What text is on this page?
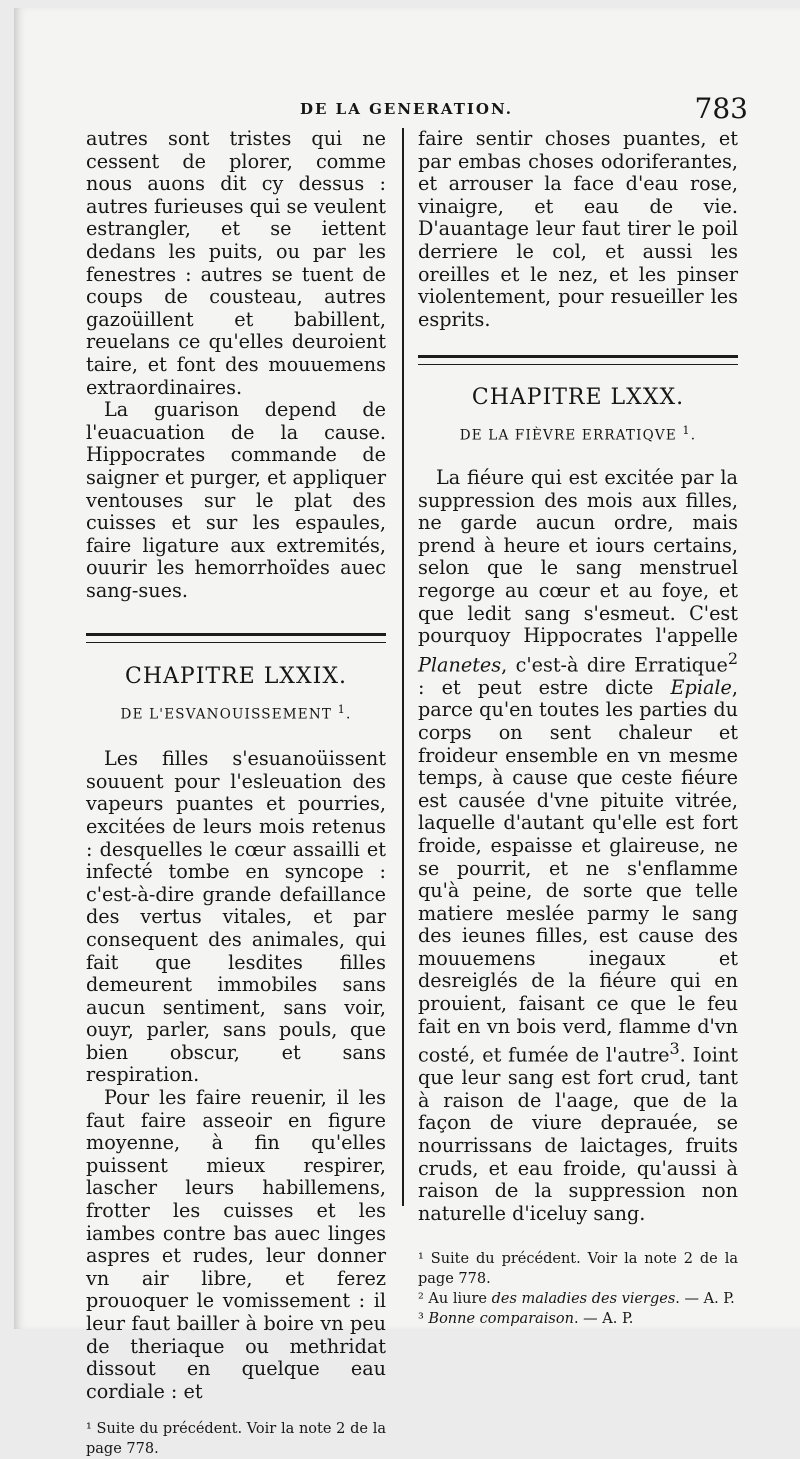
DE LA GENERATION.	783

autres sont tristes qui ne cessent de plorer, comme nous auons dit cy dessus : autres furieuses qui se veulent estrangler, et se iettent dedans les puits, ou par les fenestres : autres se tuent de coups de cousteau, autres gazoüillent et babillent, reuelans ce qu'elles deuroient taire, et font des mouuemens extraordinaires.

La guarison depend de l'euacuation de la cause. Hippocrates commande de saigner et purger, et appliquer ventouses sur le plat des cuisses et sur les espaules, faire ligature aux extremités, ouurir les hemorrhoïdes auec sang-sues.

CHAPITRE LXXIX.

DE L'ESVANOUISSEMENT $^1$.

Les filles s'esuanoüissent souuent pour l'esleuation des vapeurs puantes et pourries, excitées de leurs mois retenus : desquelles le cœur assailli et infecté tombe en syncope : c'est-à-dire grande defaillance des vertus vitales, et par consequent des animales, qui fait que lesdites filles demeurent immobiles sans aucun sentiment, sans voir, ouyr, parler, sans pouls, que bien obscur, et sans respiration.

Pour les faire reuenir, il les faut faire asseoir en figure moyenne, à fin qu'elles puissent mieux respirer, lascher leurs habillemens, frotter les cuisses et les iambes contre bas auec linges aspres et rudes, leur donner vn air libre, et ferez prouoquer le vomissement : il leur faut bailler à boire vn peu de theriaque ou methridat dissout en quelque eau cordiale : et

¹ Suite du précédent. Voir la note 2 de la page 778.

faire sentir choses puantes, et par embas choses odoriferantes, et arrouser la face d'eau rose, vinaigre, et eau de vie. D'auantage leur faut tirer le poil derriere le col, et aussi les oreilles et le nez, et les pinser violentement, pour resueiller les esprits.

CHAPITRE LXXX.

DE LA FIÈVRE ERRATIQVE $^1$.

La fiéure qui est excitée par la suppression des mois aux filles, ne garde aucun ordre, mais prend à heure et iours certains, selon que le sang menstruel regorge au cœur et au foye, et que ledit sang s'esmeut. C'est pourquoy Hippocrates l'appelle Planetes, c'est-à dire Erratique$^2$ : et peut estre dicte Epiale, parce qu'en toutes les parties du corps on sent chaleur et froideur ensemble en vn mesme temps, à cause que ceste fiéure est causée d'vne pituite vitrée, laquelle d'autant qu'elle est fort froide, espaisse et glaireuse, ne se pourrit, et ne s'enflamme qu'à peine, de sorte que telle matiere meslée parmy le sang des ieunes filles, est cause des mouuemens inegaux et desreiglés de la fiéure qui en prouient, faisant ce que le feu fait en vn bois verd, flamme d'vn costé, et fumée de l'autre$^3$. Ioint que leur sang est fort crud, tant à raison de l'aage, que de la façon de viure deprauée, se nourrissans de laictages, fruits cruds, et eau froide, qu'aussi à raison de la suppression non naturelle d'iceluy sang.

¹ Suite du précédent. Voir la note 2 de la page 778.

² Au liure des maladies des vierges. — A. P.

³ Bonne comparaison. — A. P.
